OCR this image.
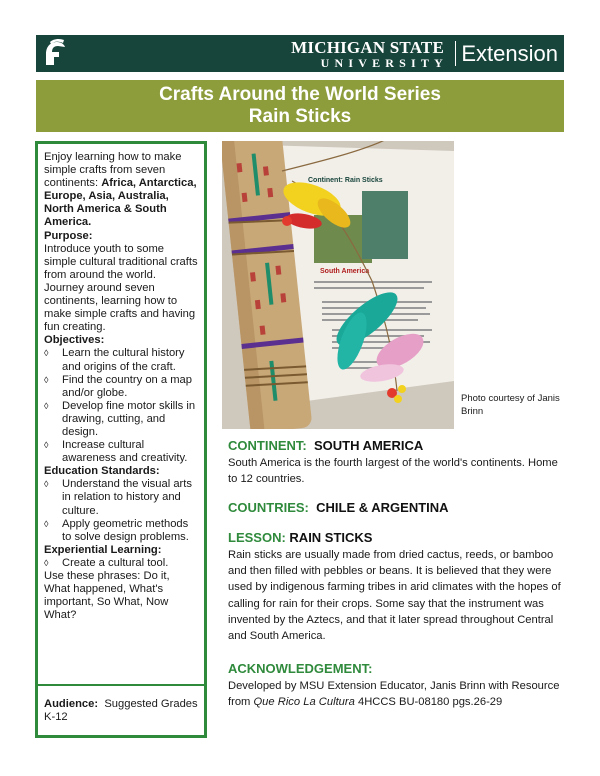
MICHIGAN STATE
UNIVERSITY Extension
Crafts Around the World Series
Rain Sticks

Enjoy learning how to make simple crafts from seven continents: Africa, Antarctica, Europe, Asia, Australia, North America & South America.

Purpose:

Introduce youth to some simple cultural traditional crafts from around the world. Journey around seven continents, learning how to make simple crafts and having fun creating.

Objectives:

◊ Learn the cultural history and origins of the craft.
◊ Find the country on a map and/or globe.
◊ Develop fine motor skills in drawing, cutting, and design.
◊ Increase cultural awareness and creativity.

Education Standards:

◊ Understand the visual arts in relation to history and culture.
◊ Apply geometric methods to solve design problems.

Experiential Learning:

◊ Create a cultural tool.

Use these phrases: Do it, What happened, What's important, So What, Now What?

Audience: Suggested Grades K-12
Continent: Rain Sticks
South America
Photo courtesy of Janis Brinn
CONTINENT: SOUTH AMERICA
South America is the fourth largest of the world's continents. Home to 12 countries.
COUNTRIES: CHILE & ARGENTINA
LESSON: RAIN STICKS
Rain sticks are usually made from dried cactus, reeds, or bamboo and then filled with pebbles or beans. It is believed that they were used by indigenous farming tribes in arid climates with the hopes of calling for rain for their crops. Some say that the instrument was invented by the Aztecs, and that it later spread throughout Central and South America.
ACKNOWLEDGEMENT:
Developed by MSU Extension Educator, Janis Brinn with Resource from Que Rico La Cultura 4HCCS BU-08180 pgs.26-29
